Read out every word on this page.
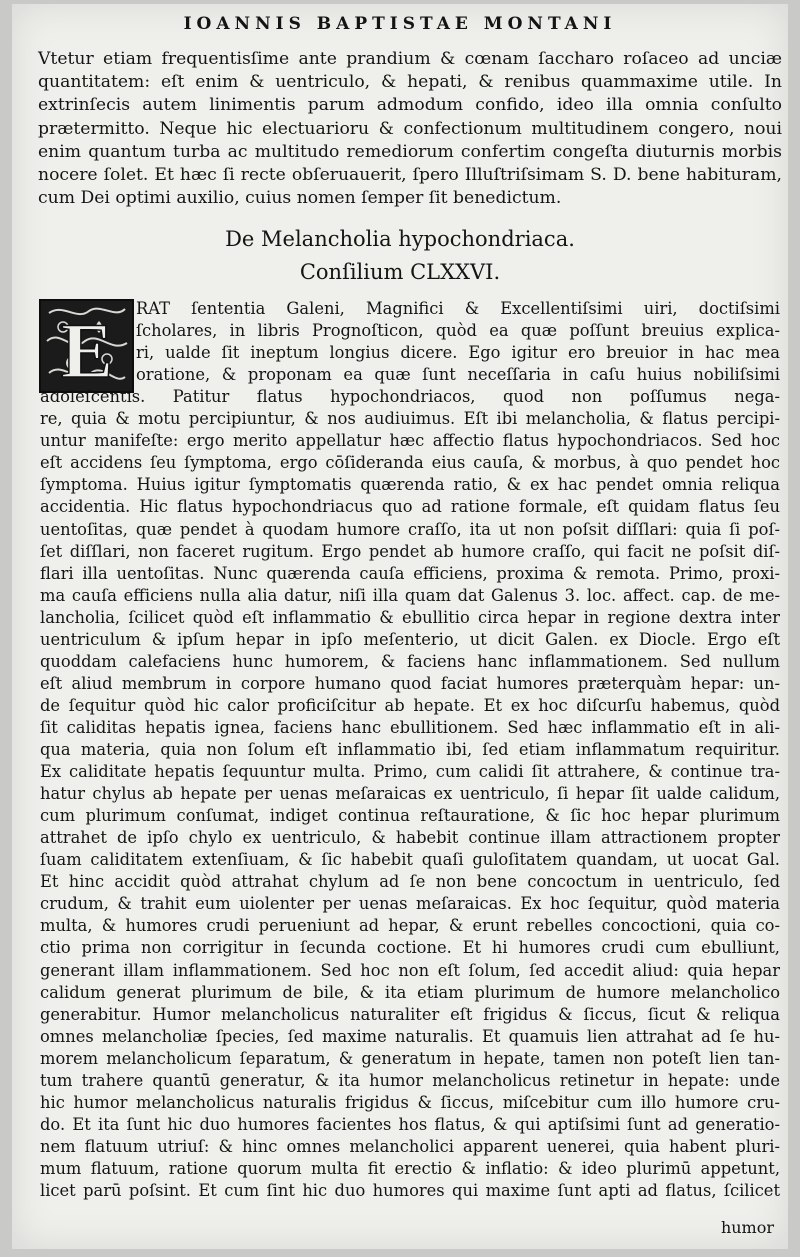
IOANNIS BAPTISTAE MONTANI
Vtetur etiam frequentisſime ante prandium & cœnam ſaccharo roſaceo ad unciæ quantitatem: eſt enim & uentriculo, & hepati, & renibus quammaxime utile. In extrinſecis autem linimentis parum admodum confido, ideo illa omnia conſulto prætermitto. Neque hic electuarioru & confectionum multitudinem congero, noui enim quantum turba ac multitudo remediorum confertim congeſta diuturnis morbis nocere ſolet. Et hæc ſi recte obſeruauerit, ſpero Illuſtriſsimam S. D. bene habituram, cum Dei optimi auxilio, cuius nomen ſemper ſit benedictum.
De Melancholia hypochondriaca.
Conſilium CLXXVI.
E RAT ſententia Galeni, Magnifici & Excellentiſsimi uiri, doctiſsimi
ſcholares, in libris Prognoſticon, quòd ea quæ poſſunt breuius explica-
ri, ualde ſit ineptum longius dicere. Ego igitur ero breuior in hac mea
oratione, & proponam ea quæ ſunt neceſſaria in caſu huius nobiliſsimi
adoleſcentis. Patitur flatus hypochondriacos, quod non poſſumus nega-
re, quia & motu percipiuntur, & nos audiuimus. Eſt ibi melancholia, & flatus percipi-
untur manifeſte: ergo merito appellatur hæc affectio flatus hypochondriacos. Sed hoc
eſt accidens ſeu ſymptoma, ergo cōſideranda eius cauſa, & morbus, à quo pendet hoc
ſymptoma. Huius igitur ſymptomatis quærenda ratio, & ex hac pendet omnia reliqua
accidentia. Hic flatus hypochondriacus quo ad ratione formale, eſt quidam flatus ſeu
uentoſitas, quæ pendet à quodam humore craſſo, ita ut non poſsit diſſlari: quia ſi poſ-
ſet diſſlari, non faceret rugitum. Ergo pendet ab humore craſſo, qui facit ne poſsit diſ-
flari illa uentoſitas. Nunc quærenda cauſa efficiens, proxima & remota. Primo, proxi-
ma cauſa efficiens nulla alia datur, niſi illa quam dat Galenus 3. loc. affect. cap. de me-
lancholia, ſcilicet quòd eſt inflammatio & ebullitio circa hepar in regione dextra inter
uentriculum & ipſum hepar in ipſo meſenterio, ut dicit Galen. ex Diocle. Ergo eſt
quoddam calefaciens hunc humorem, & faciens hanc inflammationem. Sed nullum
eſt aliud membrum in corpore humano quod faciat humores præterquàm hepar: un-
de ſequitur quòd hic calor proficiſcitur ab hepate. Et ex hoc diſcurſu habemus, quòd
ſit caliditas hepatis ignea, faciens hanc ebullitionem. Sed hæc inflammatio eſt in ali-
qua materia, quia non ſolum eſt inflammatio ibi, ſed etiam inflammatum requiritur.
Ex caliditate hepatis ſequuntur multa. Primo, cum calidi ſit attrahere, & continue tra-
hatur chylus ab hepate per uenas meſaraicas ex uentriculo, ſi hepar ſit ualde calidum,
cum plurimum conſumat, indiget continua reſtauratione, & ſic hoc hepar plurimum
attrahet de ipſo chylo ex uentriculo, & habebit continue illam attractionem propter
ſuam caliditatem extenſiuam, & ſic habebit quaſi guloſitatem quandam, ut uocat Gal.
Et hinc accidit quòd attrahat chylum ad ſe non bene concoctum in uentriculo, ſed
crudum, & trahit eum uiolenter per uenas meſaraicas. Ex hoc ſequitur, quòd materia
multa, & humores crudi perueniunt ad hepar, & erunt rebelles concoctioni, quia co-
ctio prima non corrigitur in ſecunda coctione. Et hi humores crudi cum ebulliunt,
generant illam inflammationem. Sed hoc non eſt ſolum, ſed accedit aliud: quia hepar
calidum generat plurimum de bile, & ita etiam plurimum de humore melancholico
generabitur. Humor melancholicus naturaliter eſt frigidus & ſiccus, ſicut & reliqua
omnes melancholiæ ſpecies, ſed maxime naturalis. Et quamuis lien attrahat ad ſe hu-
morem melancholicum ſeparatum, & generatum in hepate, tamen non poteſt lien tan-
tum trahere quantū generatur, & ita humor melancholicus retinetur in hepate: unde
hic humor melancholicus naturalis frigidus & ſiccus, miſcebitur cum illo humore cru-
do. Et ita ſunt hic duo humores facientes hos flatus, & qui aptiſsimi ſunt ad generatio-
nem flatuum utriuſ: & hinc omnes melancholici apparent uenerei, quia habent pluri-
mum flatuum, ratione quorum multa fit erectio & inflatio: & ideo plurimū appetunt,
licet parū poſsint. Et cum ſint hic duo humores qui maxime ſunt apti ad flatus, ſcilicet
humor
